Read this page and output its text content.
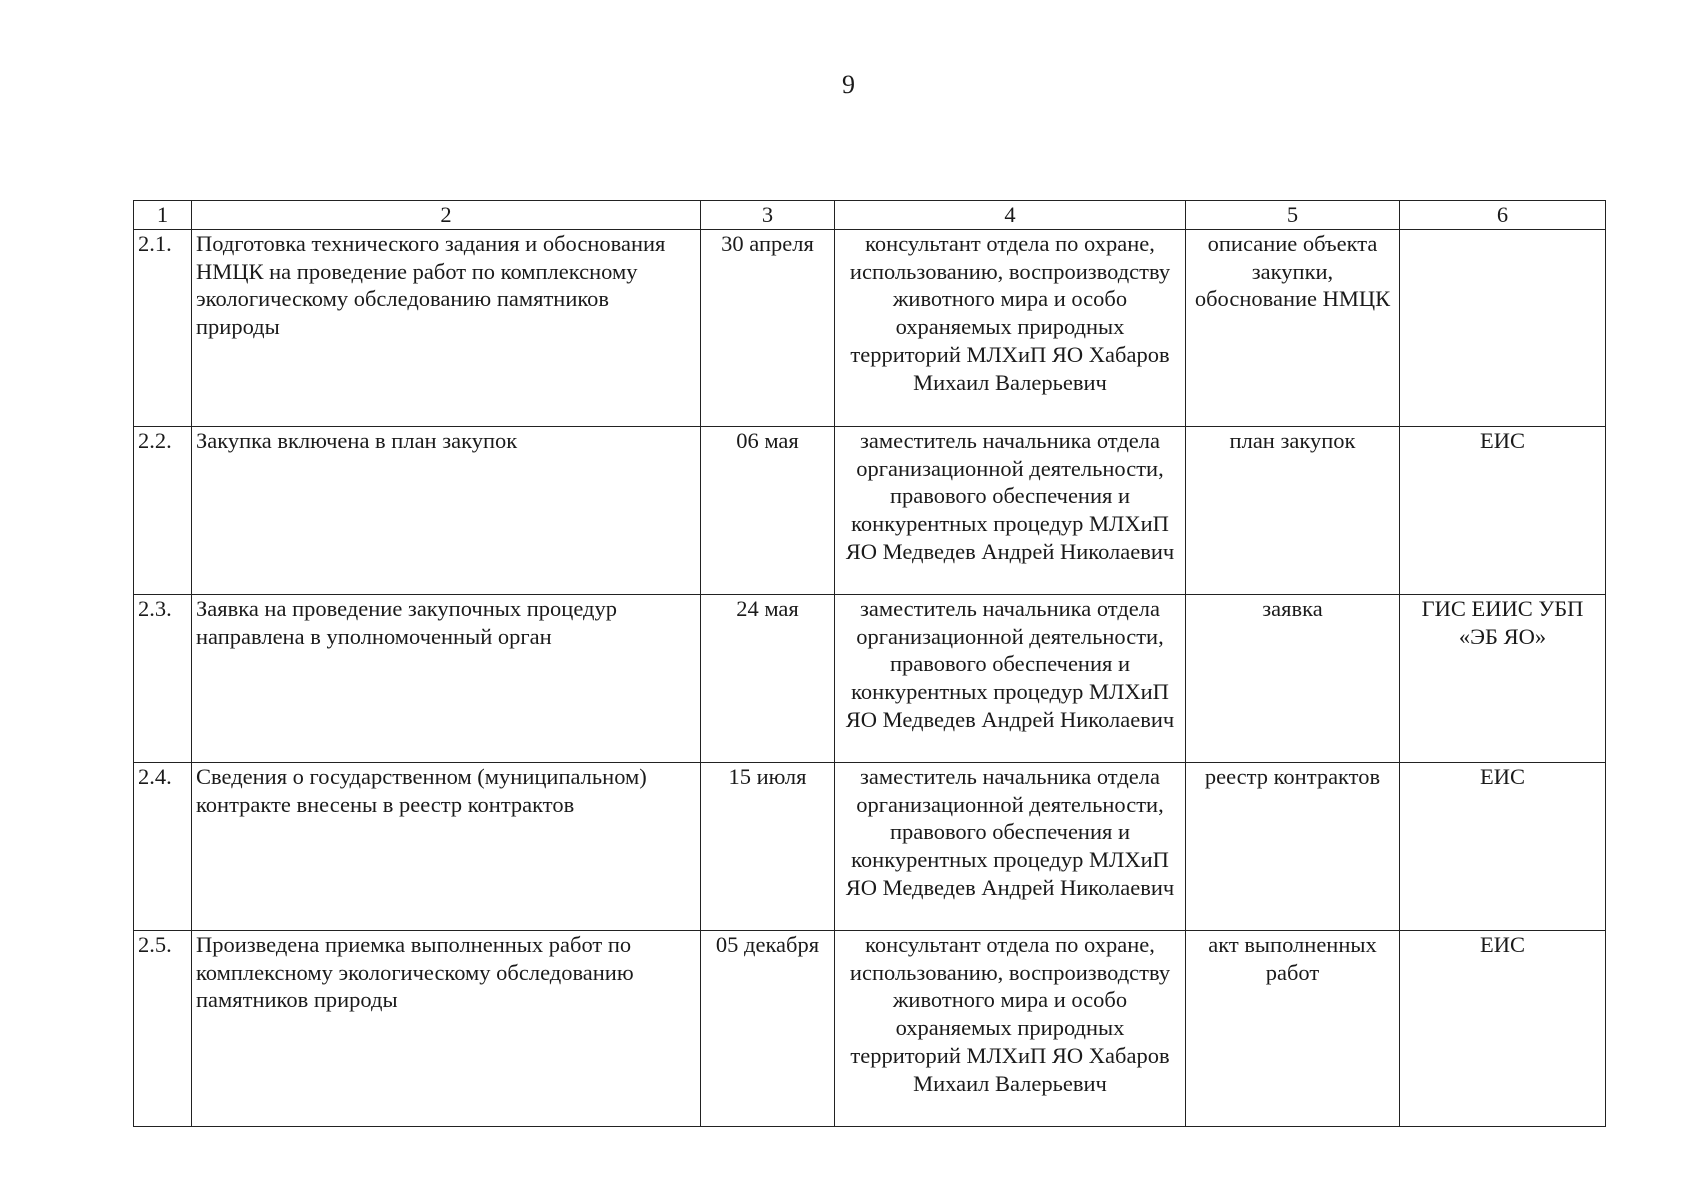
9
1	2	3	4	5	6
2.1.	Подготовка технического задания и обоснования НМЦК на проведение работ по комплексному экологическому обследованию памятников природы	30 апреля	консультант отдела по охране, использованию, воспроизводству животного мира и особо охраняемых природных территорий МЛХиП ЯО Хабаров Михаил Валерьевич	описание объекта закупки, обоснование НМЦК	
2.2.	Закупка включена в план закупок	06 мая	заместитель начальника отдела организационной деятельности, правового обеспечения и конкурентных процедур МЛХиП ЯО Медведев Андрей Николаевич	план закупок	ЕИС
2.3.	Заявка на проведение закупочных процедур направлена в уполномоченный орган	24 мая	заместитель начальника отдела организационной деятельности, правового обеспечения и конкурентных процедур МЛХиП ЯО Медведев Андрей Николаевич	заявка	ГИС ЕИИС УБП «ЭБ ЯО»
2.4.	Сведения о государственном (муниципальном) контракте внесены в реестр контрактов	15 июля	заместитель начальника отдела организационной деятельности, правового обеспечения и конкурентных процедур МЛХиП ЯО Медведев Андрей Николаевич	реестр контрактов	ЕИС
2.5.	Произведена приемка выполненных работ по комплексному экологическому обследованию памятников природы	05 декабря	консультант отдела по охране, использованию, воспроизводству животного мира и особо охраняемых природных территорий МЛХиП ЯО Хабаров Михаил Валерьевич	акт выполненных работ	ЕИС
